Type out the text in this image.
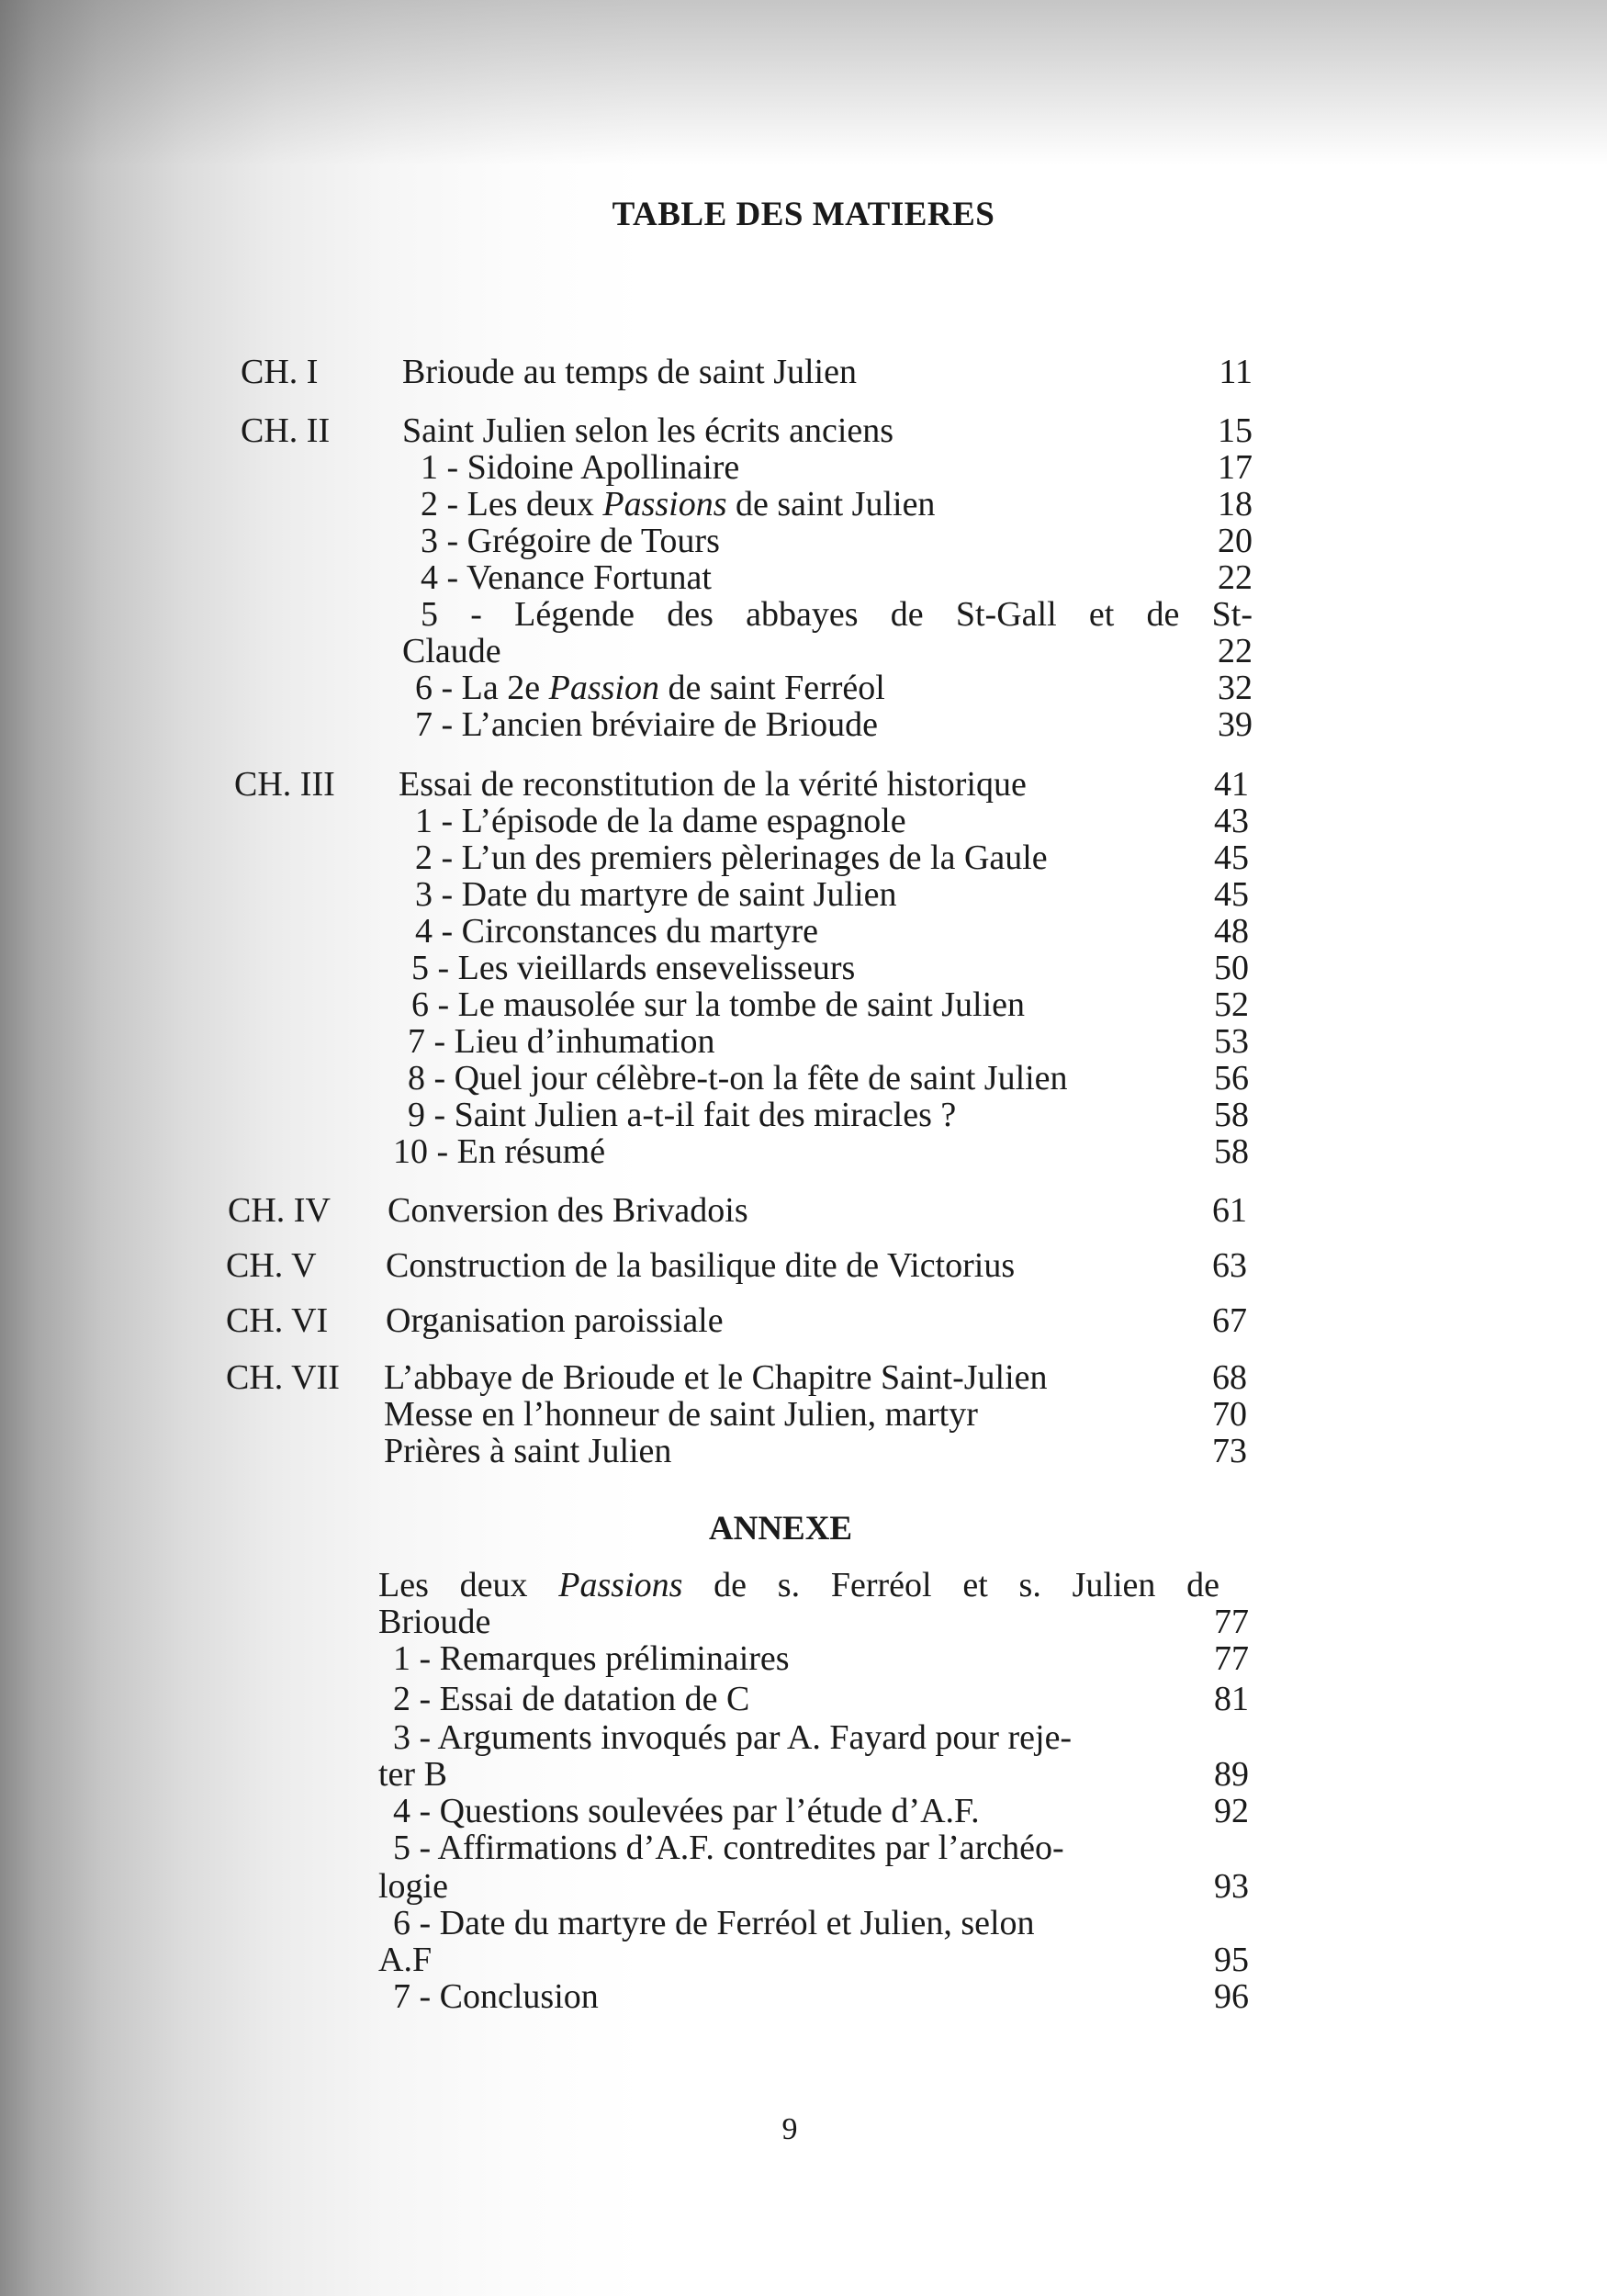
TABLE DES MATIERES
CH. I Brioude au temps de saint Julien	11
CH. II Saint Julien selon les écrits anciens	15
1 - Sidoine Apollinaire	17
2 - Les deux Passions de saint Julien	18
3 - Grégoire de Tours	20
4 - Venance Fortunat	22
5 - Légende des abbayes de St-Gall et de St-
Claude	22
6 - La 2e Passion de saint Ferréol	32
7 - L’ancien bréviaire de Brioude	39
CH. III Essai de reconstitution de la vérité historique	41
1 - L’épisode de la dame espagnole	43
2 - L’un des premiers pèlerinages de la Gaule	45
3 - Date du martyre de saint Julien	45
4 - Circonstances du martyre	48
5 - Les vieillards ensevelisseurs	50
6 - Le mausolée sur la tombe de saint Julien	52
7 - Lieu d’inhumation	53
8 - Quel jour célèbre-t-on la fête de saint Julien	56
9 - Saint Julien a-t-il fait des miracles ?	58
10 - En résumé	58
CH. IV Conversion des Brivadois	61
CH. V Construction de la basilique dite de Victorius	63
CH. VI Organisation paroissiale	67
CH. VII L’abbaye de Brioude et le Chapitre Saint-Julien	68
Messe en l’honneur de saint Julien, martyr	70
Prières à saint Julien	73
ANNEXE
Les deux Passions de s. Ferréol et s. Julien de
Brioude	77
1 - Remarques préliminaires	77
2 - Essai de datation de C	81
3 - Arguments invoqués par A. Fayard pour reje-
ter B	89
4 - Questions soulevées par l’étude d’A.F.	92
5 - Affirmations d’A.F. contredites par l’archéo-
logie	93
6 - Date du martyre de Ferréol et Julien, selon
A.F	95
7 - Conclusion	96
9
